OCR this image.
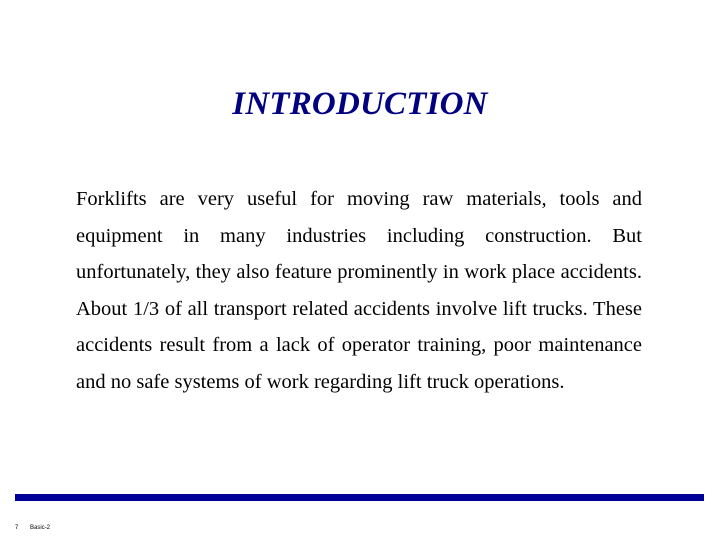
INTRODUCTION
Forklifts are very useful for moving raw materials, tools and equipment in many industries including construction. But unfortunately, they also feature prominently in work place accidents. About 1/3 of all transport related accidents involve lift trucks. These accidents result from a lack of operator training, poor maintenance and no safe systems of work regarding lift truck operations.
7 Basic-2
